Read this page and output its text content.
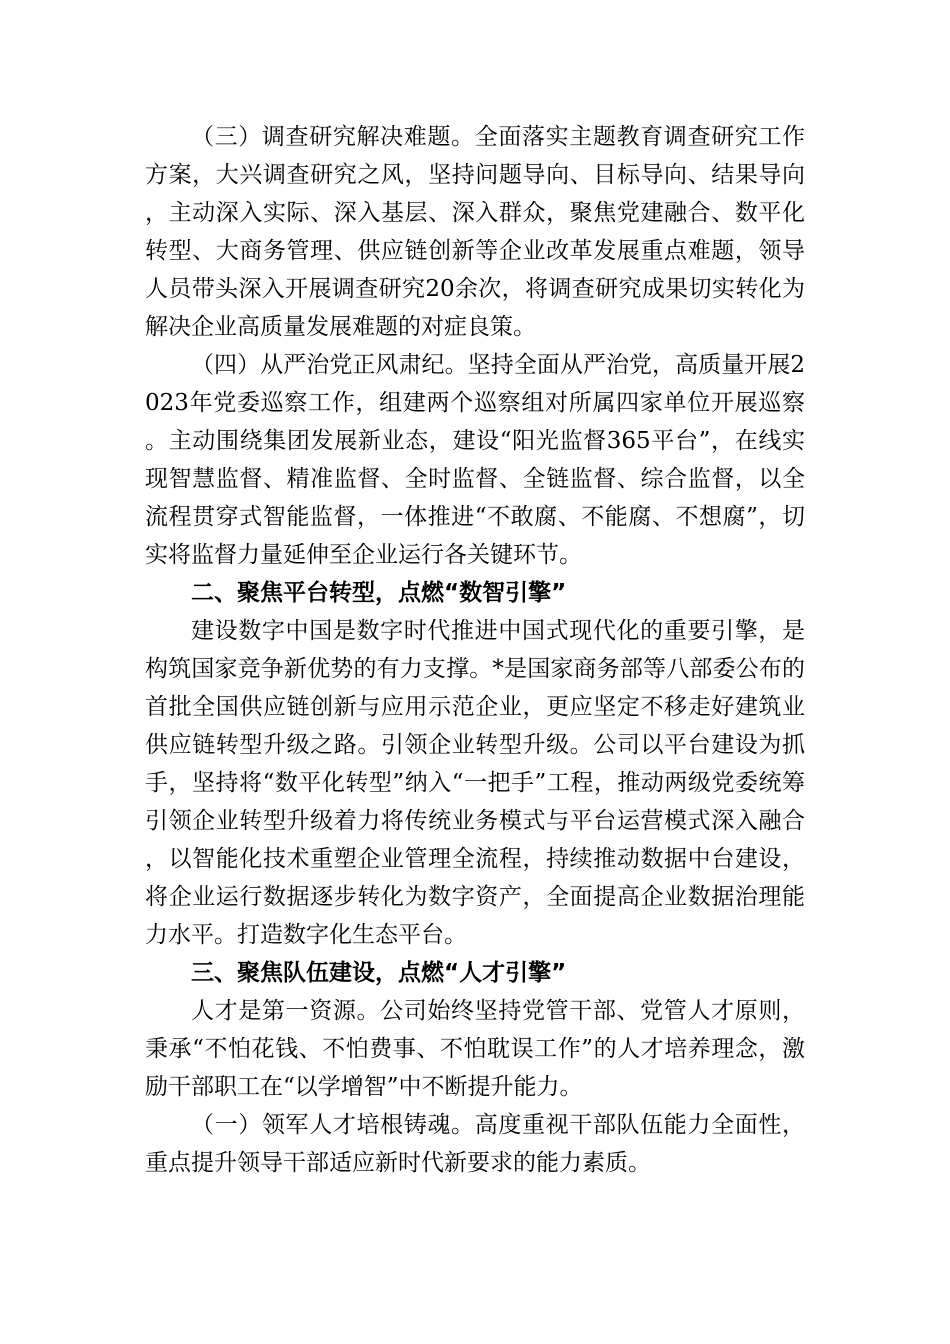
（三）调查研究解决难题。全面落实主题教育调查研究工作方案，大兴调查研究之风，坚持问题导向、目标导向、结果导向，主动深入实际、深入基层、深入群众，聚焦党建融合、数平化转型、大商务管理、供应链创新等企业改革发展重点难题，领导人员带头深入开展调查研究20余次，将调查研究成果切实转化为解决企业高质量发展难题的对症良策。

（四）从严治党正风肃纪。坚持全面从严治党，高质量开展2023年党委巡察工作，组建两个巡察组对所属四家单位开展巡察。主动围绕集团发展新业态，建设“阳光监督365平台”，在线实现智慧监督、精准监督、全时监督、全链监督、综合监督，以全流程贯穿式智能监督，一体推进“不敢腐、不能腐、不想腐”，切实将监督力量延伸至企业运行各关键环节。

二、聚焦平台转型，点燃“数智引擎”

建设数字中国是数字时代推进中国式现代化的重要引擎，是构筑国家竞争新优势的有力支撑。*是国家商务部等八部委公布的首批全国供应链创新与应用示范企业，更应坚定不移走好建筑业供应链转型升级之路。引领企业转型升级。公司以平台建设为抓手，坚持将“数平化转型”纳入“一把手”工程，推动两级党委统筹引领企业转型升级着力将传统业务模式与平台运营模式深入融合，以智能化技术重塑企业管理全流程，持续推动数据中台建设，将企业运行数据逐步转化为数字资产，全面提高企业数据治理能力水平。打造数字化生态平台。

三、聚焦队伍建设，点燃“人才引擎”

人才是第一资源。公司始终坚持党管干部、党管人才原则，秉承“不怕花钱、不怕费事、不怕耽误工作”的人才培养理念，激励干部职工在“以学增智”中不断提升能力。

（一）领军人才培根铸魂。高度重视干部队伍能力全面性，重点提升领导干部适应新时代新要求的能力素质。
